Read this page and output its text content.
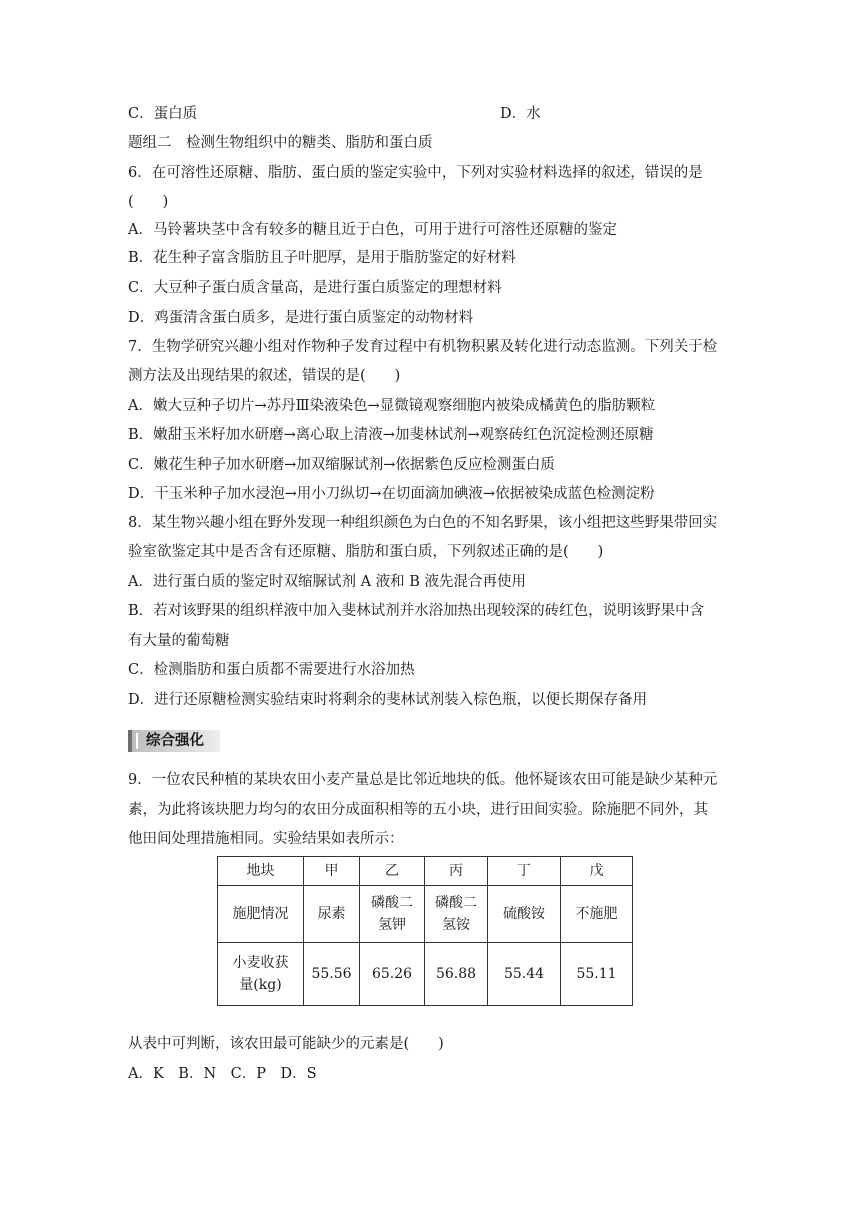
C．蛋白质	D．水
题组二　检测生物组织中的糖类、脂肪和蛋白质
6．在可溶性还原糖、脂肪、蛋白质的鉴定实验中，下列对实验材料选择的叙述，错误的是
(　　)
A．马铃薯块茎中含有较多的糖且近于白色，可用于进行可溶性还原糖的鉴定
B．花生种子富含脂肪且子叶肥厚，是用于脂肪鉴定的好材料
C．大豆种子蛋白质含量高，是进行蛋白质鉴定的理想材料
D．鸡蛋清含蛋白质多，是进行蛋白质鉴定的动物材料
7．生物学研究兴趣小组对作物种子发育过程中有机物积累及转化进行动态监测。下列关于检
测方法及出现结果的叙述，错误的是(　　)
A．嫩大豆种子切片→苏丹Ⅲ染液染色→显微镜观察细胞内被染成橘黄色的脂肪颗粒
B．嫩甜玉米籽加水研磨→离心取上清液→加斐林试剂→观察砖红色沉淀检测还原糖
C．嫩花生种子加水研磨→加双缩脲试剂→依据紫色反应检测蛋白质
D．干玉米种子加水浸泡→用小刀纵切→在切面滴加碘液→依据被染成蓝色检测淀粉
8．某生物兴趣小组在野外发现一种组织颜色为白色的不知名野果，该小组把这些野果带回实
验室欲鉴定其中是否含有还原糖、脂肪和蛋白质，下列叙述正确的是(　　)
A．进行蛋白质的鉴定时双缩脲试剂 A 液和 B 液先混合再使用
B．若对该野果的组织样液中加入斐林试剂并水浴加热出现较深的砖红色，说明该野果中含
有大量的葡萄糖
C．检测脂肪和蛋白质都不需要进行水浴加热
D．进行还原糖检测实验结束时将剩余的斐林试剂装入棕色瓶，以便长期保存备用
综合强化
9．一位农民种植的某块农田小麦产量总是比邻近地块的低。他怀疑该农田可能是缺少某种元
素，为此将该块肥力均匀的农田分成面积相等的五小块，进行田间实验。除施肥不同外，其
他田间处理措施相同。实验结果如表所示：
地块	甲	乙	丙	丁	戊
施肥情况	尿素	磷酸二
氢钾	磷酸二
氢铵	硫酸铵	不施肥
小麦收获
量(kg)	55.56	65.26	56.88	55.44	55.11
从表中可判断，该农田最可能缺少的元素是(　　)
A．K　B．N　C．P　D．S
